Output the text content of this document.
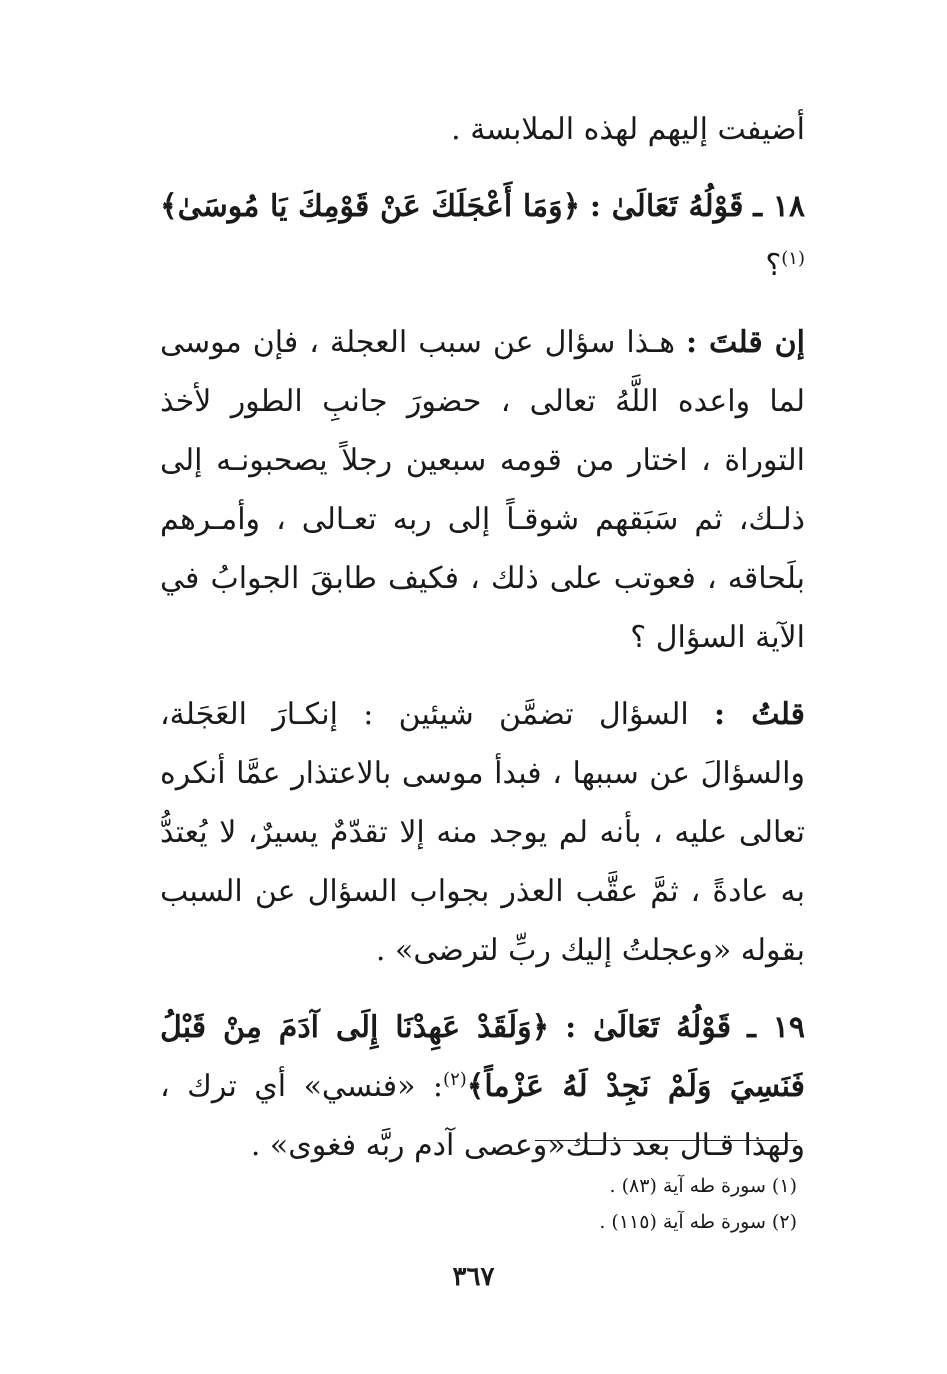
أضيفت إليهم لهذه الملابسة .

١٨ ـ قَوْلُهُ تَعَالَىٰ : ﴿وَمَا أَعْجَلَكَ عَنْ قَوْمِكَ يَا مُوسَىٰ﴾$^{(١)}$؟

إن قلتَ : هـذا سؤال عن سبب العجلة ، فإن موسى لما واعده اللَّهُ تعالى ، حضورَ جانبِ الطور لأخذ التوراة ، اختار من قومه سبعين رجلاً يصحبونـه إلى ذلـك، ثم سَبَقهم شوقـاً إلى ربه تعـالى ، وأمـرهم بلَحاقه ، فعوتب على ذلك ، فكيف طابقَ الجوابُ في الآية السؤال ؟

قلتُ : السؤال تضمَّن شيئين : إنكـارَ العَجَلة، والسؤالَ عن سببها ، فبدأ موسى بالاعتذار عمَّا أنكره تعالى عليه ، بأنه لم يوجد منه إلا تقدّمٌ يسيرٌ، لا يُعتدُّ به عادةً ، ثمَّ عقَّب العذر بجواب السؤال عن السبب بقوله «وعجلتُ إليك ربِّ لترضى» .

١٩ ـ قَوْلُهُ تَعَالَىٰ : ﴿وَلَقَدْ عَهِدْنَا إِلَى آدَمَ مِنْ قَبْلُ فَنَسِيَ وَلَمْ نَجِدْ لَهُ عَزْماً﴾$^{(٢)}$: «فنسي» أي ترك ، ولهذا قـال بعد ذلـك«وعصى آدم ربَّه فغوى» .

(١) سورة طه آية (٨٣) .
(٢) سورة طه آية (١١٥) .
٣٦٧
